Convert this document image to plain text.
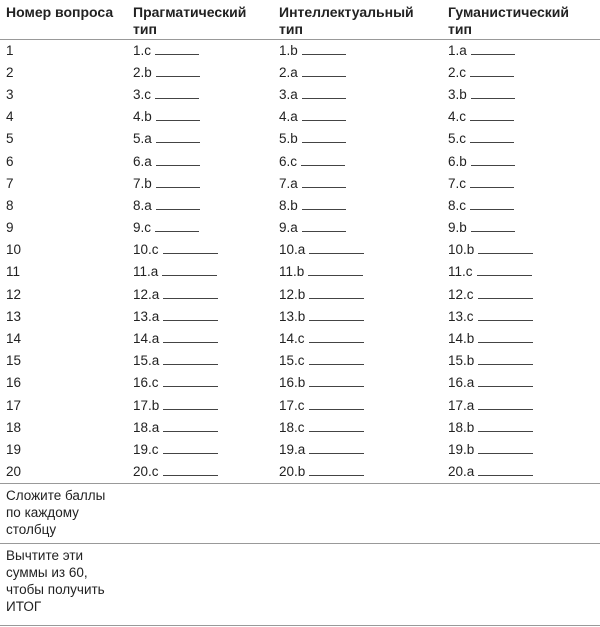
Номер вопроса	Прагматический тип	Интеллектуальный тип	Гуманистический тип
1	1.c	1.b	1.a
2	2.b	2.a	2.c
3	3.c	3.a	3.b
4	4.b	4.a	4.c
5	5.a	5.b	5.c
6	6.a	6.c	6.b
7	7.b	7.a	7.c
8	8.a	8.b	8.c
9	9.c	9.a	9.b
10	10.c	10.a	10.b
11	11.a	11.b	11.c
12	12.a	12.b	12.c
13	13.a	13.b	13.c
14	14.a	14.c	14.b
15	15.a	15.c	15.b
16	16.c	16.b	16.a
17	17.b	17.c	17.a
18	18.a	18.c	18.b
19	19.c	19.a	19.b
20	20.c	20.b	20.a
Сложите баллы по каждому столбцу			
Вычтите эти суммы из 60, чтобы получить ИТОГ			
